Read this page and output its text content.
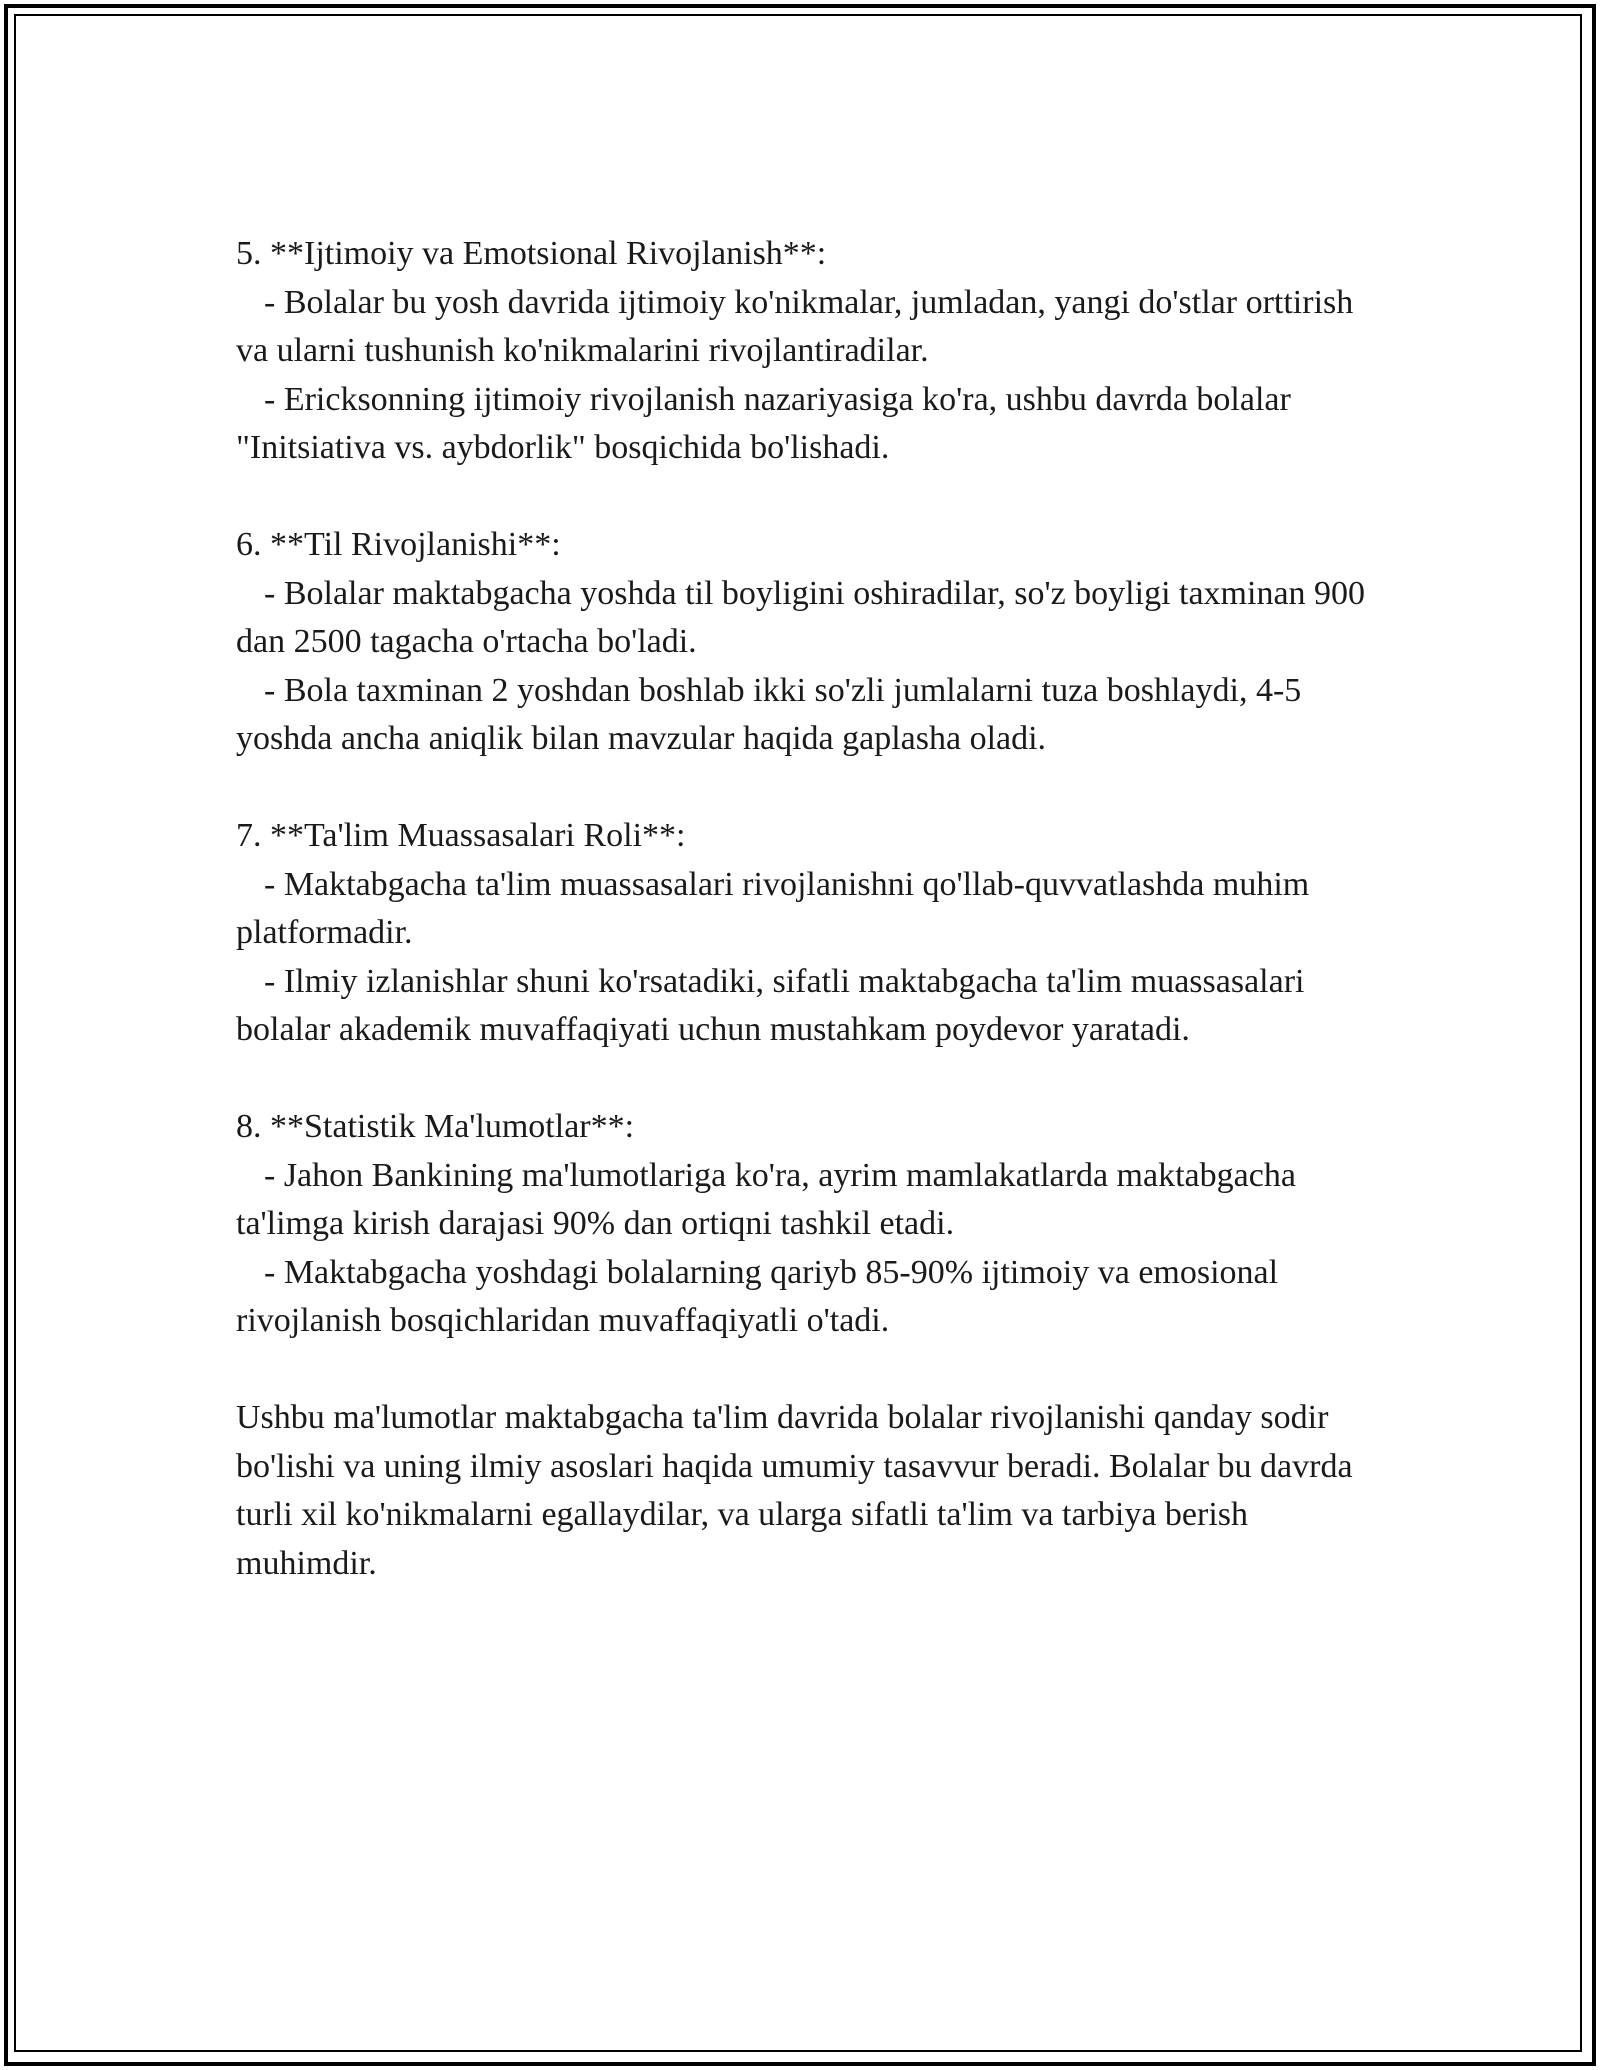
5. **Ijtimoiy va Emotsional Rivojlanish**:

- Bolalar bu yosh davrida ijtimoiy ko'nikmalar, jumladan, yangi do'stlar orttirish va ularni tushunish ko'nikmalarini rivojlantiradilar.

- Ericksonning ijtimoiy rivojlanish nazariyasiga ko'ra, ushbu davrda bolalar "Initsiativa vs. aybdorlik" bosqichida bo'lishadi.

6. **Til Rivojlanishi**:

- Bolalar maktabgacha yoshda til boyligini oshiradilar, so'z boyligi taxminan 900 dan 2500 tagacha o'rtacha bo'ladi.

- Bola taxminan 2 yoshdan boshlab ikki so'zli jumlalarni tuza boshlaydi, 4-5 yoshda ancha aniqlik bilan mavzular haqida gaplasha oladi.

7. **Ta'lim Muassasalari Roli**:

- Maktabgacha ta'lim muassasalari rivojlanishni qo'llab-quvvatlashda muhim platformadir.

- Ilmiy izlanishlar shuni ko'rsatadiki, sifatli maktabgacha ta'lim muassasalari bolalar akademik muvaffaqiyati uchun mustahkam poydevor yaratadi.

8. **Statistik Ma'lumotlar**:

- Jahon Bankining ma'lumotlariga ko'ra, ayrim mamlakatlarda maktabgacha ta'limga kirish darajasi 90% dan ortiqni tashkil etadi.

- Maktabgacha yoshdagi bolalarning qariyb 85-90% ijtimoiy va emosional rivojlanish bosqichlaridan muvaffaqiyatli o'tadi.

Ushbu ma'lumotlar maktabgacha ta'lim davrida bolalar rivojlanishi qanday sodir bo'lishi va uning ilmiy asoslari haqida umumiy tasavvur beradi. Bolalar bu davrda turli xil ko'nikmalarni egallaydilar, va ularga sifatli ta'lim va tarbiya berish muhimdir.
